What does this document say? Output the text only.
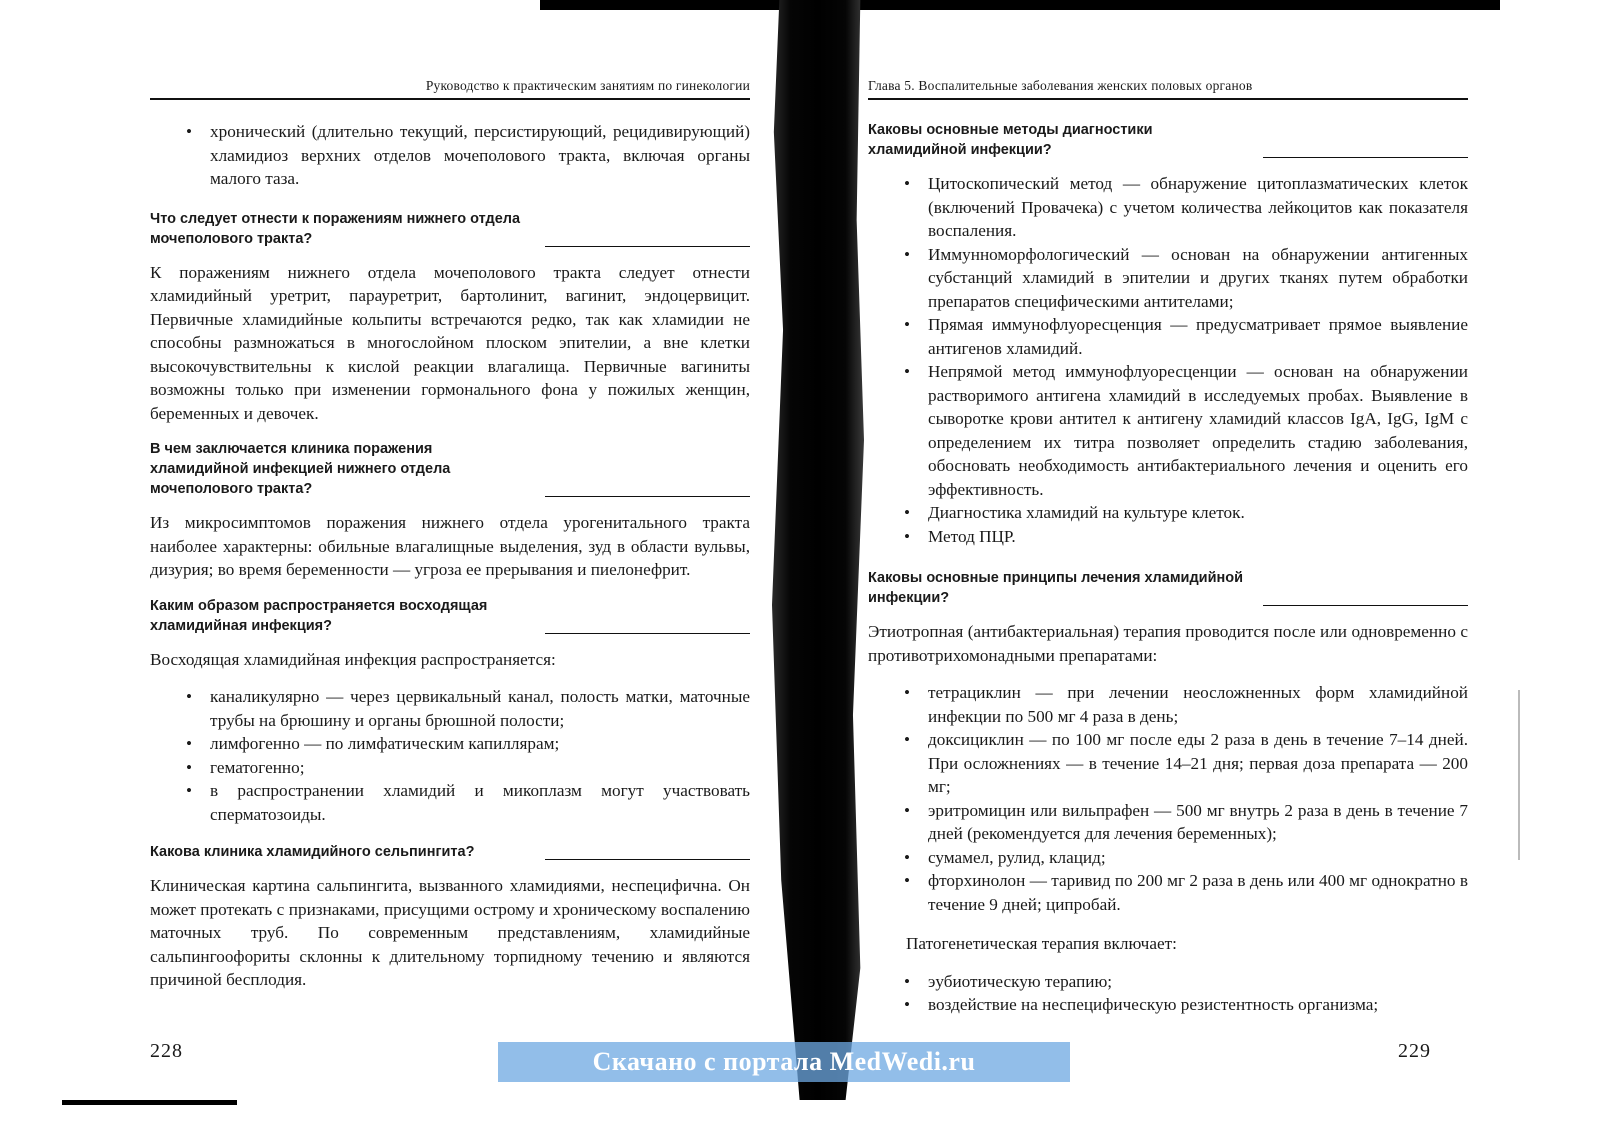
Руководство к практическим занятиям по гинекологии
• хронический (длительно текущий, персистирующий, рецидивирующий) хламидиоз верхних отделов мочеполового тракта, включая органы малого таза.
Что следует отнести к поражениям нижнего отдела мочеполового тракта?

К поражениям нижнего отдела мочеполового тракта следует отнести хламидийный уретрит, парауретрит, бартолинит, вагинит, эндоцервицит. Первичные хламидийные кольпиты встречаются редко, так как хламидии не способны размножаться в многослойном плоском эпителии, а вне клетки высокочувствительны к кислой реакции влагалища. Первичные вагиниты возможны только при изменении гормонального фона у пожилых женщин, беременных и девочек.

В чем заключается клиника поражения хламидийной инфекцией нижнего отдела мочеполового тракта?

Из микросимптомов поражения нижнего отдела урогенитального тракта наиболее характерны: обильные влагалищные выделения, зуд в области вульвы, дизурия; во время беременности — угроза ее прерывания и пиелонефрит.

Каким образом распространяется восходящая хламидийная инфекция?

Восходящая хламидийная инфекция распространяется:

• каналикулярно — через цервикальный канал, полость матки, маточные трубы на брюшину и органы брюшной полости;
• лимфогенно — по лимфатическим капиллярам;
• гематогенно;
• в распространении хламидий и микоплазм могут участвовать сперматозоиды.
Какова клиника хламидийного сельпингита?

Клиническая картина сальпингита, вызванного хламидиями, неспецифична. Он может протекать с признаками, присущими острому и хроническому воспалению маточных труб. По современным представлениям, хламидийные сальпингоофориты склонны к длительному торпидному течению и являются причиной бесплодия.

228
Глава 5. Воспалительные заболевания женских половых органов
Каковы основные методы диагностики хламидийной инфекции?
• Цитоскопический метод — обнаружение цитоплазматических клеток (включений Провачека) с учетом количества лейкоцитов как показателя воспаления.
• Иммунноморфологический — основан на обнаружении антигенных субстанций хламидий в эпителии и других тканях путем обработки препаратов специфическими антителами;
• Прямая иммунофлуоресценция — предусматривает прямое выявление антигенов хламидий.
• Непрямой метод иммунофлуоресценции — основан на обнаружении растворимого антигена хламидий в исследуемых пробах. Выявление в сыворотке крови антител к антигену хламидий классов IgA, IgG, IgM с определением их титра позволяет определить стадию заболевания, обосновать необходимость антибактериального лечения и оценить его эффективность.
• Диагностика хламидий на культуре клеток.
• Метод ПЦР.
Каковы основные принципы лечения хламидийной инфекции?

Этиотропная (антибактериальная) терапия проводится после или одновременно с противотрихомонадными препаратами:

• тетрациклин — при лечении неосложненных форм хламидийной инфекции по 500 мг 4 раза в день;
• доксициклин — по 100 мг после еды 2 раза в день в течение 7–14 дней. При осложнениях — в течение 14–21 дня; первая доза препарата — 200 мг;
• эритромицин или вильпрафен — 500 мг внутрь 2 раза в день в течение 7 дней (рекомендуется для лечения беременных);
• сумамел, рулид, клацид;
• фторхинолон — таривид по 200 мг 2 раза в день или 400 мг однократно в течение 9 дней; ципробай.

Патогенетическая терапия включает:

• эубиотическую терапию;
• воздействие на неспецифическую резистентность организма;
229
Скачано с портала MedWedi.ru
